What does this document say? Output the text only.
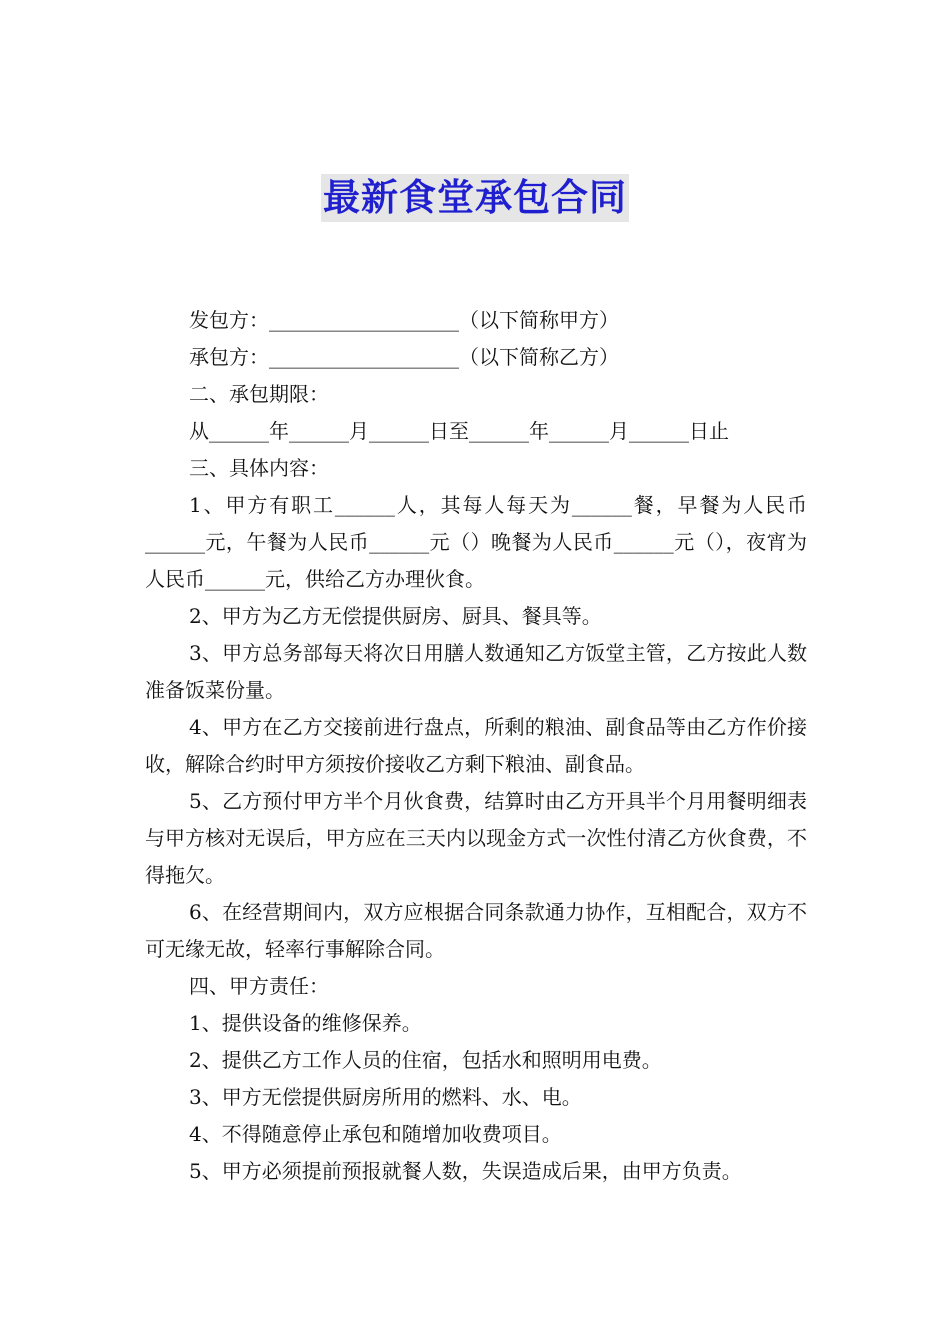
最新食堂承包合同

发包方：___________________（以下简称甲方）

承包方：___________________（以下简称乙方）

二、承包期限：

从______年______月______日至______年______月______日止

三、具体内容：

1、甲方有职工______人，其每人每天为______餐，早餐为人民币______元，午餐为人民币______元（）晚餐为人民币______元（），夜宵为人民币______元，供给乙方办理伙食。

2、甲方为乙方无偿提供厨房、厨具、餐具等。

3、甲方总务部每天将次日用膳人数通知乙方饭堂主管，乙方按此人数准备饭菜份量。

4、甲方在乙方交接前进行盘点，所剩的粮油、副食品等由乙方作价接收，解除合约时甲方须按价接收乙方剩下粮油、副食品。

5、乙方预付甲方半个月伙食费，结算时由乙方开具半个月用餐明细表与甲方核对无误后，甲方应在三天内以现金方式一次性付清乙方伙食费，不得拖欠。

6、在经营期间内，双方应根据合同条款通力协作，互相配合，双方不可无缘无故，轻率行事解除合同。

四、甲方责任：

1、提供设备的维修保养。

2、提供乙方工作人员的住宿，包括水和照明用电费。

3、甲方无偿提供厨房所用的燃料、水、电。

4、不得随意停止承包和随增加收费项目。

5、甲方必须提前预报就餐人数，失误造成后果，由甲方负责。
